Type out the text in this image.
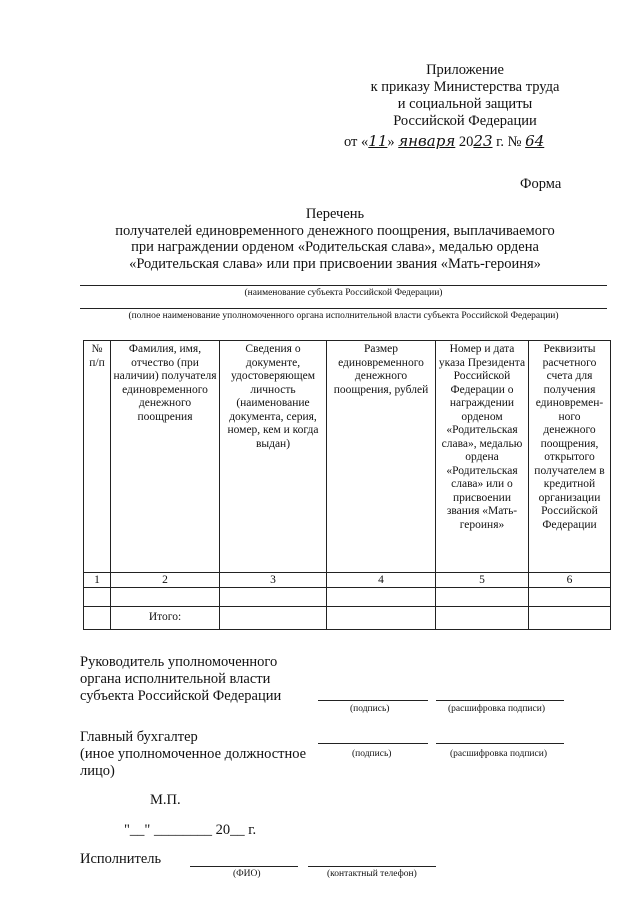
Приложение
к приказу Министерства труда
и социальной защиты
Российской Федерации
от «11» января 2023 г. № 64
Форма
Перечень
получателей единовременного денежного поощрения, выплачиваемого
при награждении орденом «Родительская слава», медалью ордена
«Родительская слава» или при присвоении звания «Мать-героиня»
(наименование субъекта Российской Федерации)
(полное наименование уполномоченного органа исполнительной власти субъекта Российской Федерации)
№ п/п	Фамилия, имя, отчество (при наличии) получателя единовременного денежного поощрения	Сведения о документе, удостоверяющем личность (наименование документа, серия, номер, кем и когда выдан)	Размер единовременного денежного поощрения, рублей	Номер и дата указа Президента Российской Федерации о награждении орденом «Родительская слава», медалью ордена «Родительская слава» или о присвоении звания «Мать-героиня»	Реквизиты расчетного счета для получения единовремен-ного денежного поощрения, открытого получателем в кредитной организации Российской Федерации
1	2	3	4	5	6

	Итого:				
Руководитель уполномоченного
органа исполнительной власти
субъекта Российской Федерации
(подпись)	(расшифровка подписи)
Главный бухгалтер
(иное уполномоченное должностное
лицо)
(подпись)	(расшифровка подписи)
М.П.
"__" ________ 20__ г.
Исполнитель
(ФИО)	(контактный телефон)
